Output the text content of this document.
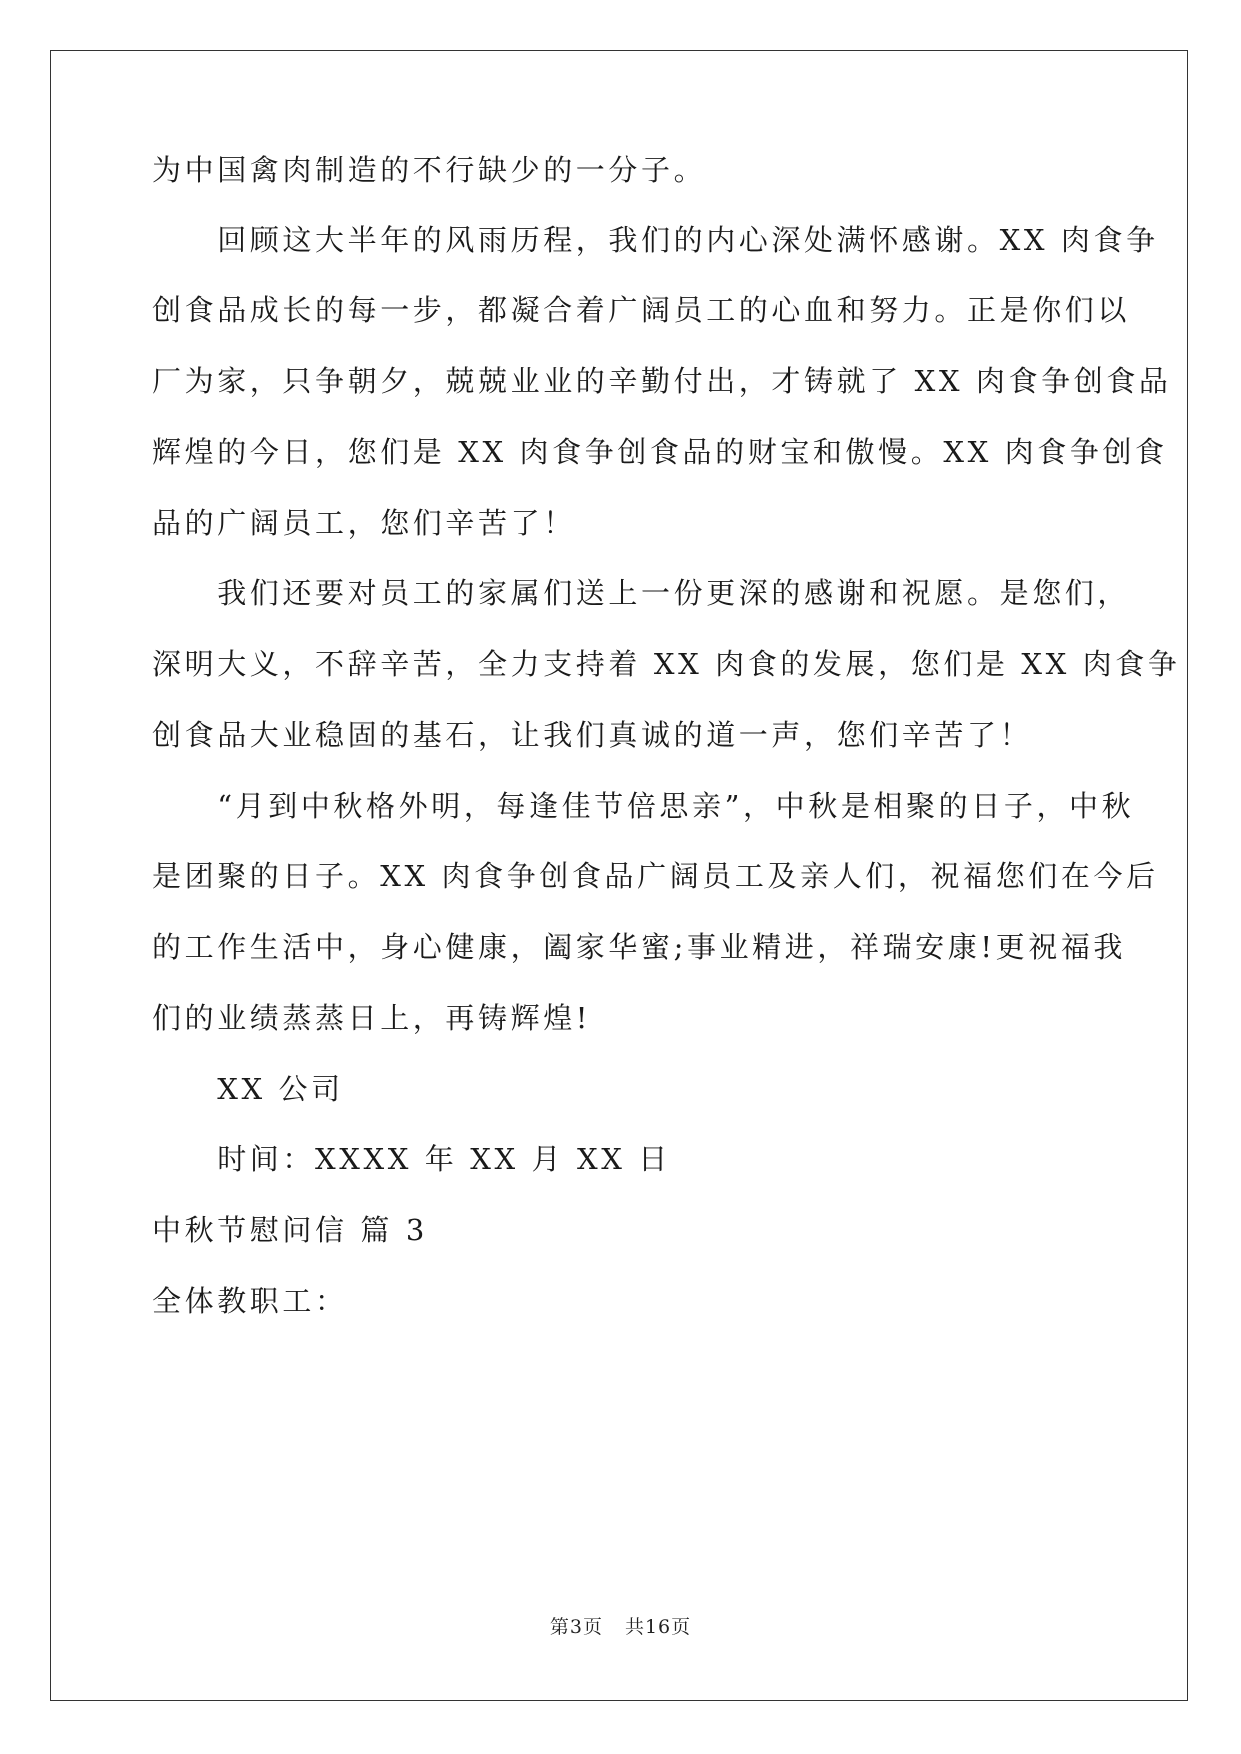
为中国禽肉制造的不行缺少的一分子。
　　回顾这大半年的风雨历程，我们的内心深处满怀感谢。XX 肉食争
创食品成长的每一步，都凝合着广阔员工的心血和努力。正是你们以
厂为家，只争朝夕，兢兢业业的辛勤付出，才铸就了 XX 肉食争创食品
辉煌的今日，您们是 XX 肉食争创食品的财宝和傲慢。XX 肉食争创食
品的广阔员工，您们辛苦了！
　　我们还要对员工的家属们送上一份更深的感谢和祝愿。是您们，
深明大义，不辞辛苦，全力支持着 XX 肉食的发展，您们是 XX 肉食争
创食品大业稳固的基石，让我们真诚的道一声，您们辛苦了！
　　“月到中秋格外明，每逢佳节倍思亲”，中秋是相聚的日子，中秋
是团聚的日子。XX 肉食争创食品广阔员工及亲人们，祝福您们在今后
的工作生活中，身心健康，阖家华蜜;事业精进，祥瑞安康!更祝福我
们的业绩蒸蒸日上，再铸辉煌!
　　XX 公司
　　时间：XXXX 年 XX 月 XX 日
中秋节慰问信 篇 3
全体教职工：
第3页 共16页
